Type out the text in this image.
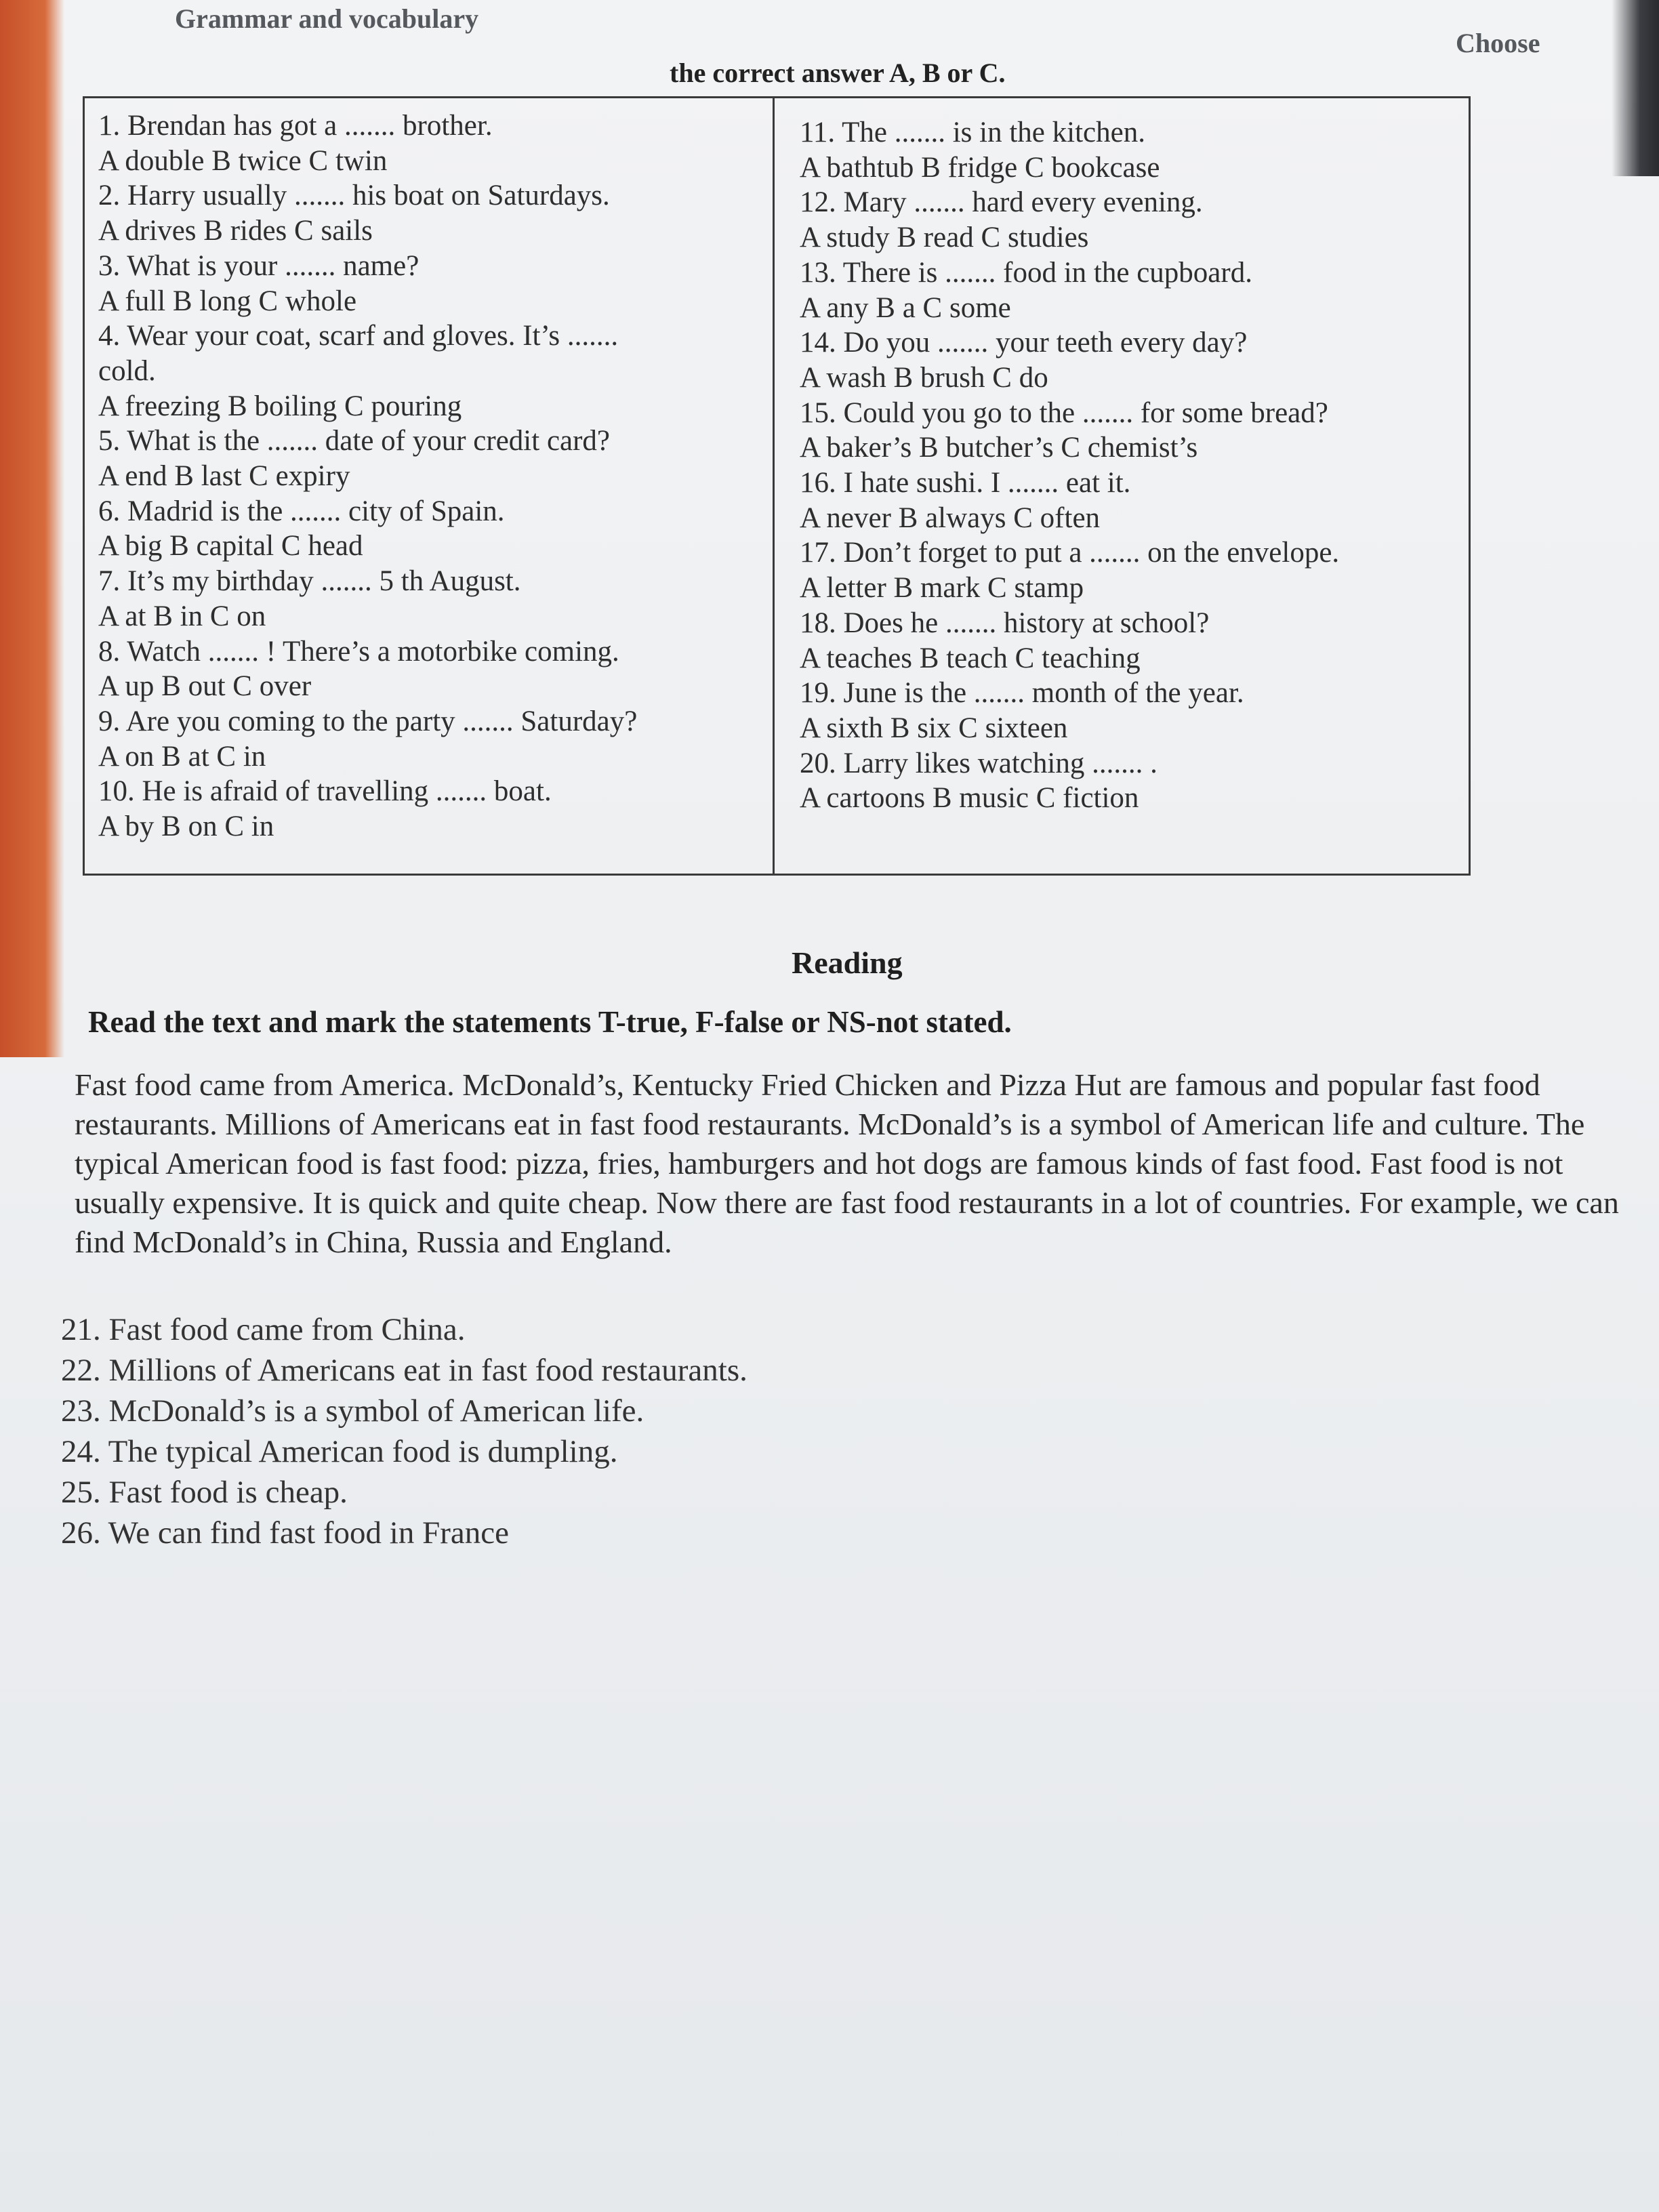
Grammar and vocabulary
Choose
the correct answer A, B or C.
1. Brendan has got a ....... brother.
A double B twice C twin
2. Harry usually ....... his boat on Saturdays.
A drives B rides C sails
3. What is your ....... name?
A full B long C whole
4. Wear your coat, scarf and gloves. It’s .......
cold.
A freezing B boiling C pouring
5. What is the ....... date of your credit card?
A end B last C expiry
6. Madrid is the ....... city of Spain.
A big B capital C head
7. It’s my birthday ....... 5 th August.
A at B in C on
8. Watch ....... ! There’s a motorbike coming.
A up B out C over
9. Are you coming to the party ....... Saturday?
A on B at C in
10. He is afraid of travelling ....... boat.
A by B on C in
11. The ....... is in the kitchen.
A bathtub B fridge C bookcase
12. Mary ....... hard every evening.
A study B read C studies
13. There is ....... food in the cupboard.
A any B a C some
14. Do you ....... your teeth every day?
A wash B brush C do
15. Could you go to the ....... for some bread?
A baker’s B butcher’s C chemist’s
16. I hate sushi. I ....... eat it.
A never B always C often
17. Don’t forget to put a ....... on the envelope.
A letter B mark C stamp
18. Does he ....... history at school?
A teaches B teach C teaching
19. June is the ....... month of the year.
A sixth B six C sixteen
20. Larry likes watching ....... .
A cartoons B music C fiction
Reading
Read the text and mark the statements T-true, F-false or NS-not stated.
Fast food came from America. McDonald’s, Kentucky Fried Chicken and Pizza Hut are famous and popular fast food restaurants. Millions of Americans eat in fast food restaurants. McDonald’s is a symbol of American life and culture. The typical American food is fast food: pizza, fries, hamburgers and hot dogs are famous kinds of fast food. Fast food is not usually expensive. It is quick and quite cheap. Now there are fast food restaurants in a lot of countries. For example, we can find McDonald’s in China, Russia and England.
21. Fast food came from China.
22. Millions of Americans eat in fast food restaurants.
23. McDonald’s is a symbol of American life.
24. The typical American food is dumpling.
25. Fast food is cheap.
26. We can find fast food in France
